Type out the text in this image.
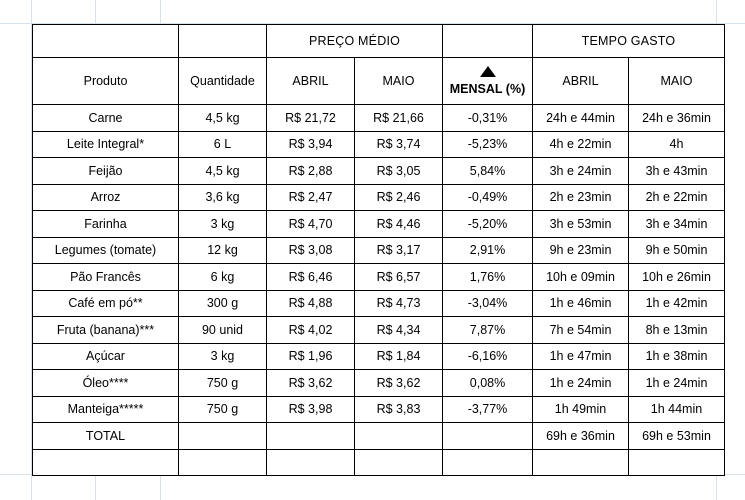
		PREÇO MÉDIO			TEMPO GASTO	
Produto	Quantidade	ABRIL	MAIO	MENSAL (%)	ABRIL	MAIO
Carne	4,5 kg	R$ 21,72	R$ 21,66	-0,31%	24h e 44min	24h e 36min
Leite Integral*	6 L	R$ 3,94	R$ 3,74	-5,23%	4h e 22min	4h
Feijão	4,5 kg	R$ 2,88	R$ 3,05	5,84%	3h e 24min	3h e 43min
Arroz	3,6 kg	R$ 2,47	R$ 2,46	-0,49%	2h e 23min	2h e 22min
Farinha	3 kg	R$ 4,70	R$ 4,46	-5,20%	3h e 53min	3h e 34min
Legumes (tomate)	12 kg	R$ 3,08	R$ 3,17	2,91%	9h e 23min	9h e 50min
Pão Francês	6 kg	R$ 6,46	R$ 6,57	1,76%	10h e 09min	10h e 26min
Café em pó**	300 g	R$ 4,88	R$ 4,73	-3,04%	1h e 46min	1h e 42min
Fruta (banana)***	90 unid	R$ 4,02	R$ 4,34	7,87%	7h e 54min	8h e 13min
Açúcar	3 kg	R$ 1,96	R$ 1,84	-6,16%	1h e 47min	1h e 38min
Óleo****	750 g	R$ 3,62	R$ 3,62	0,08%	1h e 24min	1h e 24min
Manteiga*****	750 g	R$ 3,98	R$ 3,83	-3,77%	1h 49min	1h 44min
TOTAL					69h e 36min	69h e 53min
